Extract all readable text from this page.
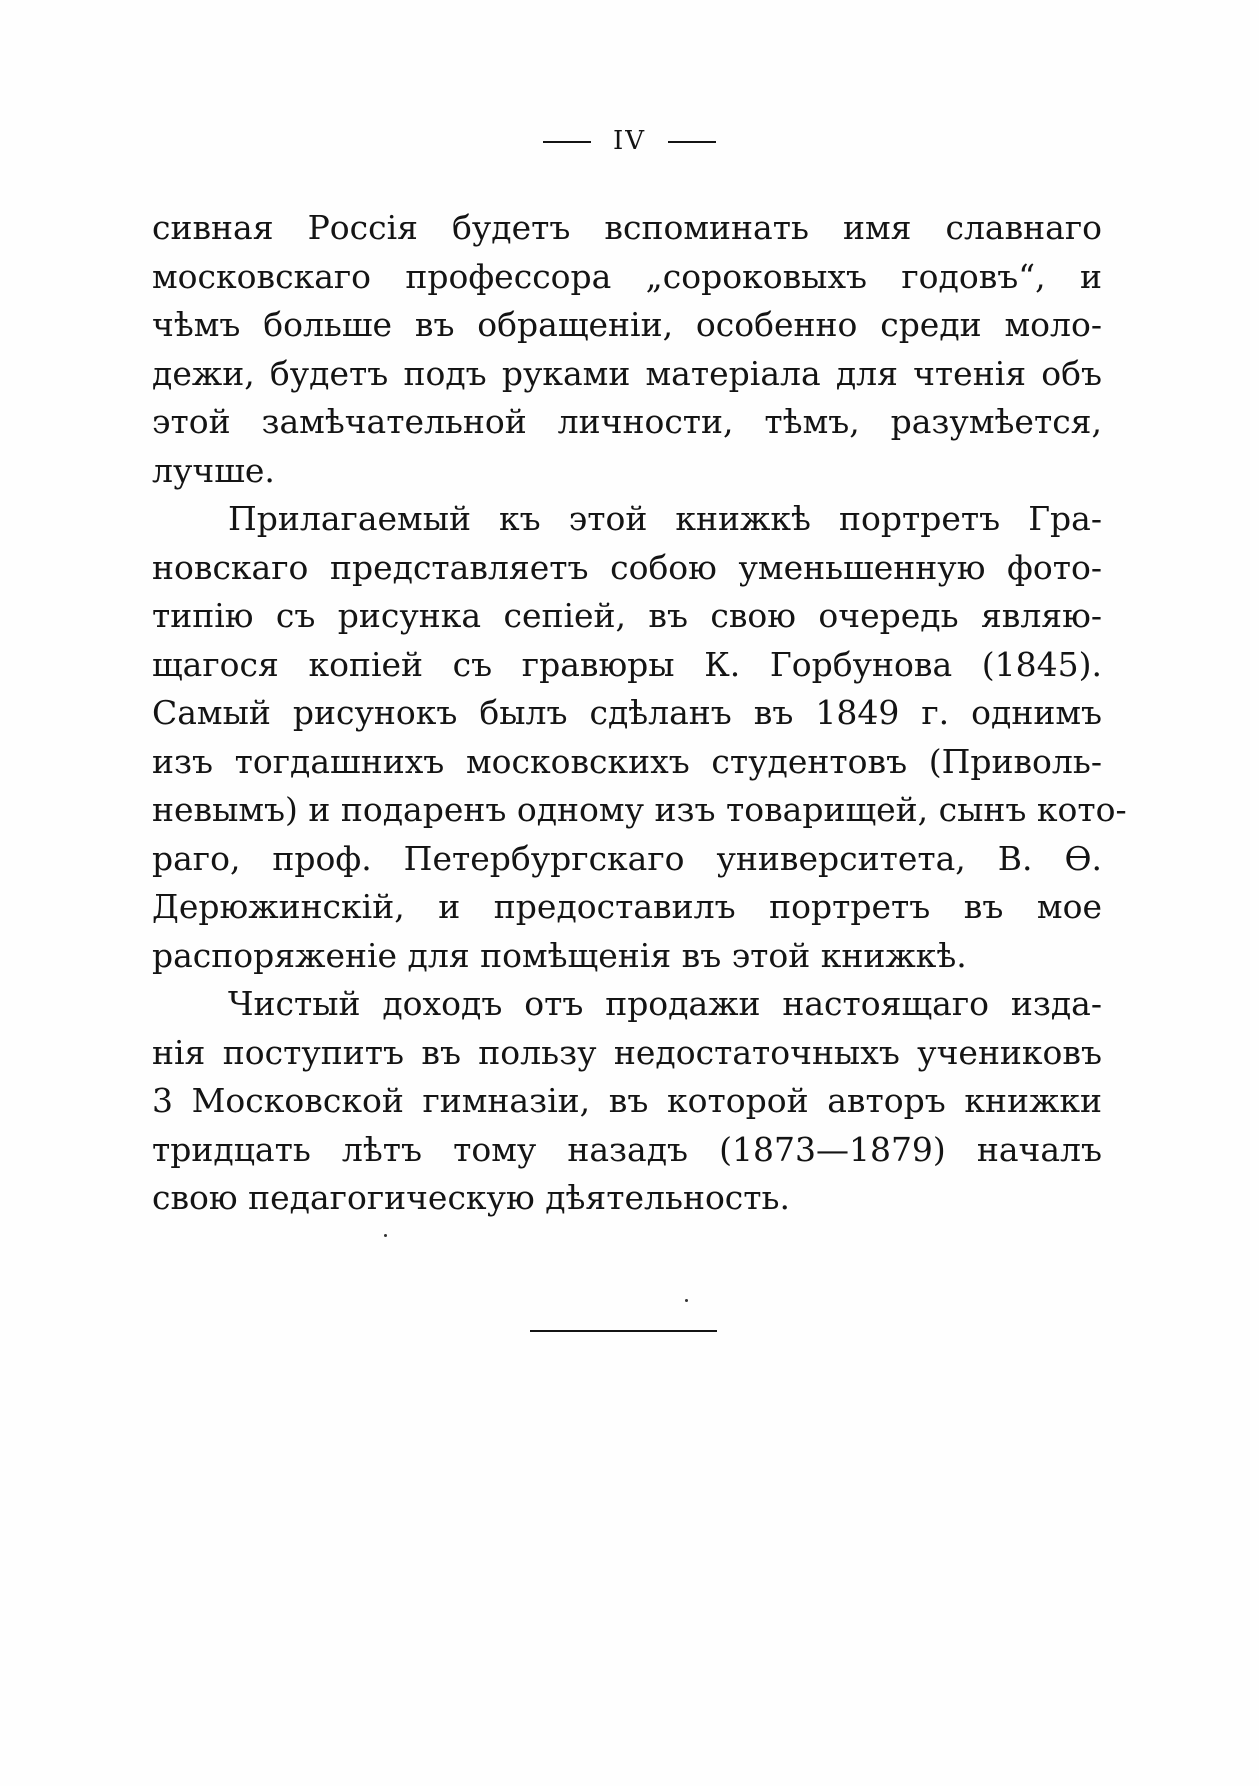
IV
сивная Россія будетъ вспоминать имя славнаго
московскаго профессора „сороковыхъ годовъ“, и
чѣмъ больше въ обращеніи, особенно среди моло-
дежи, будетъ подъ руками матеріала для чтенія объ
этой замѣчательной личности, тѣмъ, разумѣется,
лучше.
Прилагаемый къ этой книжкѣ портретъ Гра-
новскаго представляетъ собою уменьшенную фото-
типію съ рисунка сепіей, въ свою очередь являю-
щагося копіей съ гравюры К. Горбунова (1845).
Самый рисунокъ былъ сдѣланъ въ 1849 г. однимъ
изъ тогдашнихъ московскихъ студентовъ (Приволь-
невымъ) и подаренъ одному изъ товарищей, сынъ кото-
раго, проф. Петербургскаго университета, В. Ѳ.
Дерюжинскій, и предоставилъ портретъ въ мое
распоряженіе для помѣщенія въ этой книжкѣ.
Чистый доходъ отъ продажи настоящаго изда-
нія поступитъ въ пользу недостаточныхъ учениковъ
3 Московской гимназіи, въ которой авторъ книжки
тридцать лѣтъ тому назадъ (1873—1879) началъ
свою педагогическую дѣятельность.
